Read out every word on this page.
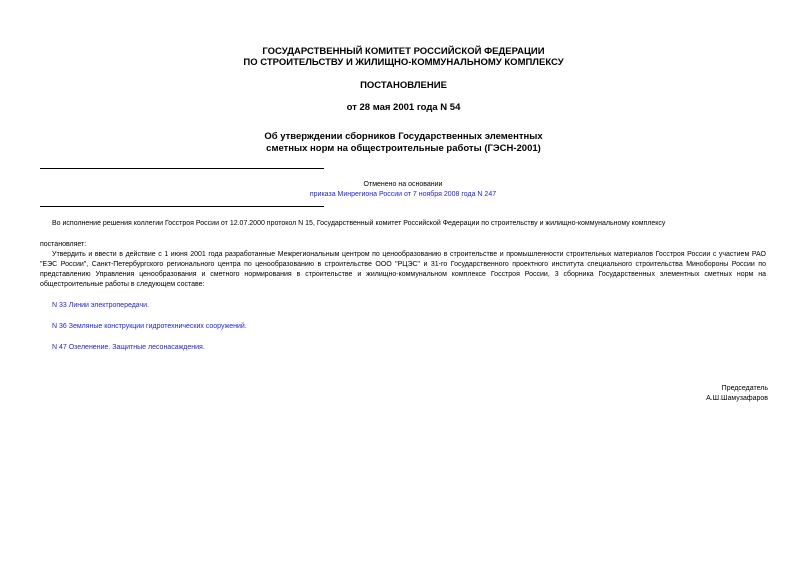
ГОСУДАРСТВЕННЫЙ КОМИТЕТ РОССИЙСКОЙ ФЕДЕРАЦИИ
ПО СТРОИТЕЛЬСТВУ И ЖИЛИЩНО-КОММУНАЛЬНОМУ КОМПЛЕКСУ
ПОСТАНОВЛЕНИЕ
от 28 мая 2001 года N 54
Об утверждении сборников Государственных элементных
сметных норм на общестроительные работы (ГЭСН-2001)
Отменено на основании
приказа Минрегиона России от 7 ноября 2008 года N 247
Во исполнение решения коллегии Госстроя России от 12.07.2000 протокол N 15, Государственный комитет Российской Федерации по строительству и жилищно-коммунальному комплексу
постановляет:
Утвердить и ввести в действие с 1 июня 2001 года разработанные Межрегиональным центром по ценообразованию в строительстве и промышленности строительных материалов Госстроя России с участием РАО "ЕЭС России", Санкт-Петербургского регионального центра по ценообразованию в строительстве ООО "РЦЭС" и 31-го Государственного проектного института специального строительства Минобороны России по представлению Управления ценообразования и сметного нормирования в строительстве и жилищно-коммунальном комплексе Госстроя России, 3 сборника Государственных элементных сметных норм на общестроительные работы в следующем составе:
N 33 Линии электропередачи.
N 36 Земляные конструкции гидротехнических сооружений.
N 47 Озеленение. Защитные лесонасаждения.
Председатель
А.Ш.Шамузафаров
